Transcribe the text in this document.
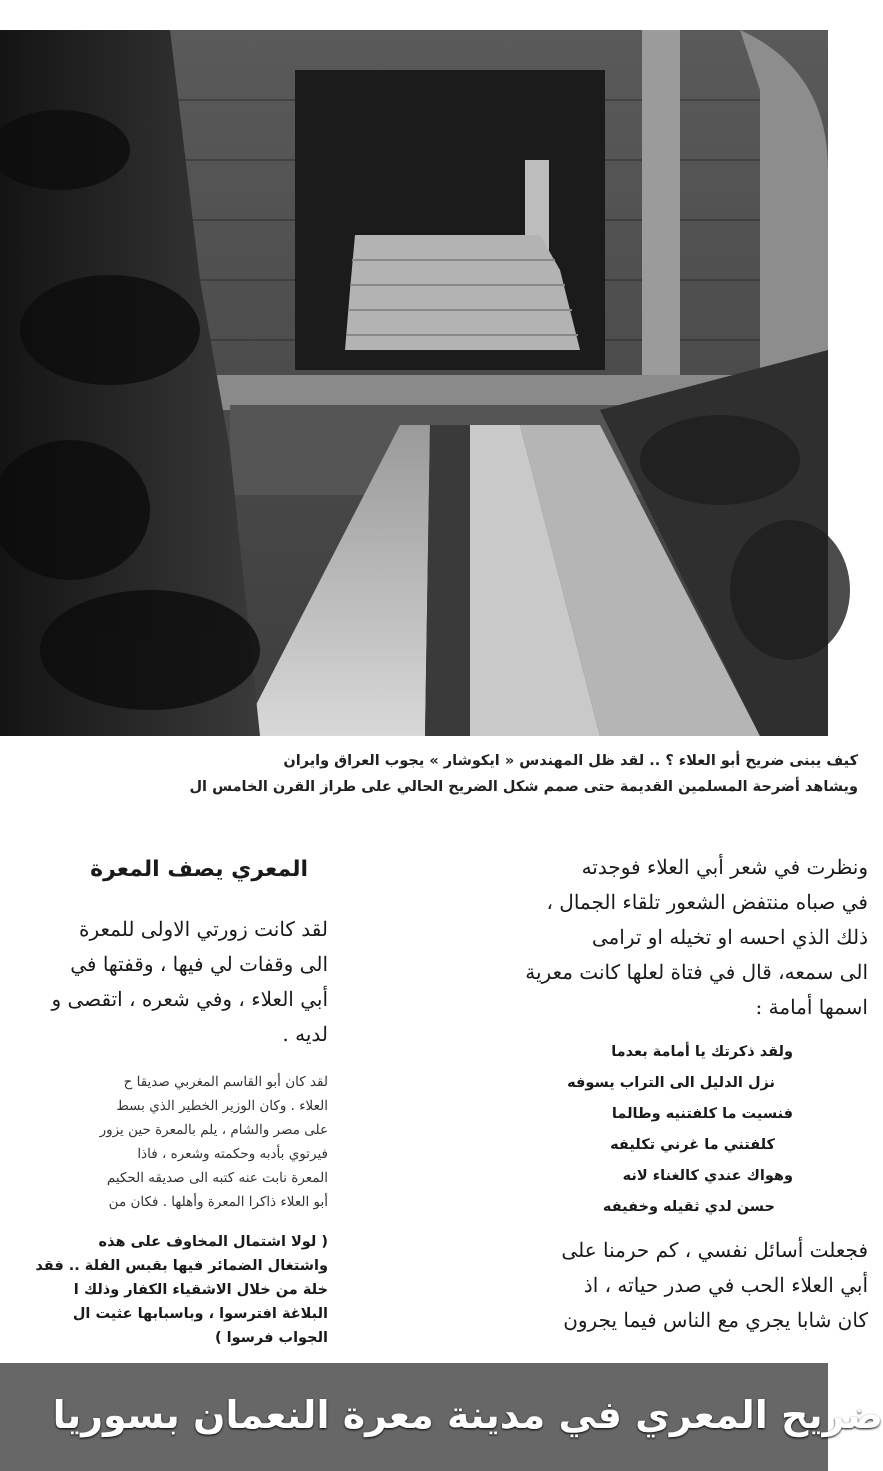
كيف يبنى ضريح أبو العلاء ؟ .. لقد ظل المهندس « ايكوشار » يجوب العراق وايران
ويشاهد أضرحة المسلمين القديمة حتى صمم شكل الضريح الحالي على طراز القرن الخامس ال

ونظرت في شعر أبي العلاء فوجدته

في صباه منتفض الشعور تلقاء الجمال ،

ذلك الذي احسه او تخيله او ترامى

الى سمعه، قال في فتاة لعلها كانت معرية

اسمها أمامة :

ولقد ذكرتك يا أمامة بعدما
نزل الدليل الى التراب يسوفه
فنسيت ما كلفتنيه وطالما
كلفتني ما غرني تكليفه
وهواك عندي كالغناء لانه
حسن لدي ثقيله وخفيفه

فجعلت أسائل نفسي ، كم حرمنا على

أبي العلاء الحب في صدر حياته ، اذ

كان شابا يجري مع الناس فيما يجرون

المعري يصف المعرة

لقد كانت زورتي الاولى للمعرة

الى وقفات لي فيها ، وقفتها في

أبي العلاء ، وفي شعره ، اتقصى و

لديه .

لقد كان أبو القاسم المغربي صديقا ح

العلاء . وكان الوزير الخطير الذي بسط

على مصر والشام ، يلم بالمعرة حين يزور

فيرتوي بأدبه وحكمته وشعره ، فاذا

المعرة نابت عنه كتبه الى صديقه الحكيم

أبو العلاء ذاكرا المعرة وأهلها . فكان من

( لولا اشتمال المخاوف على هذه

واشتغال الضمائر فيها بقبس الفلة .. فقد

خلة من خلال الاشقياء الكفار وذلك ا

البلاغة افترسوا ، وباسبابها عثيت ال

الجواب فرسوا )

ضريح المعري في مدينة معرة النعمان بسوريا
